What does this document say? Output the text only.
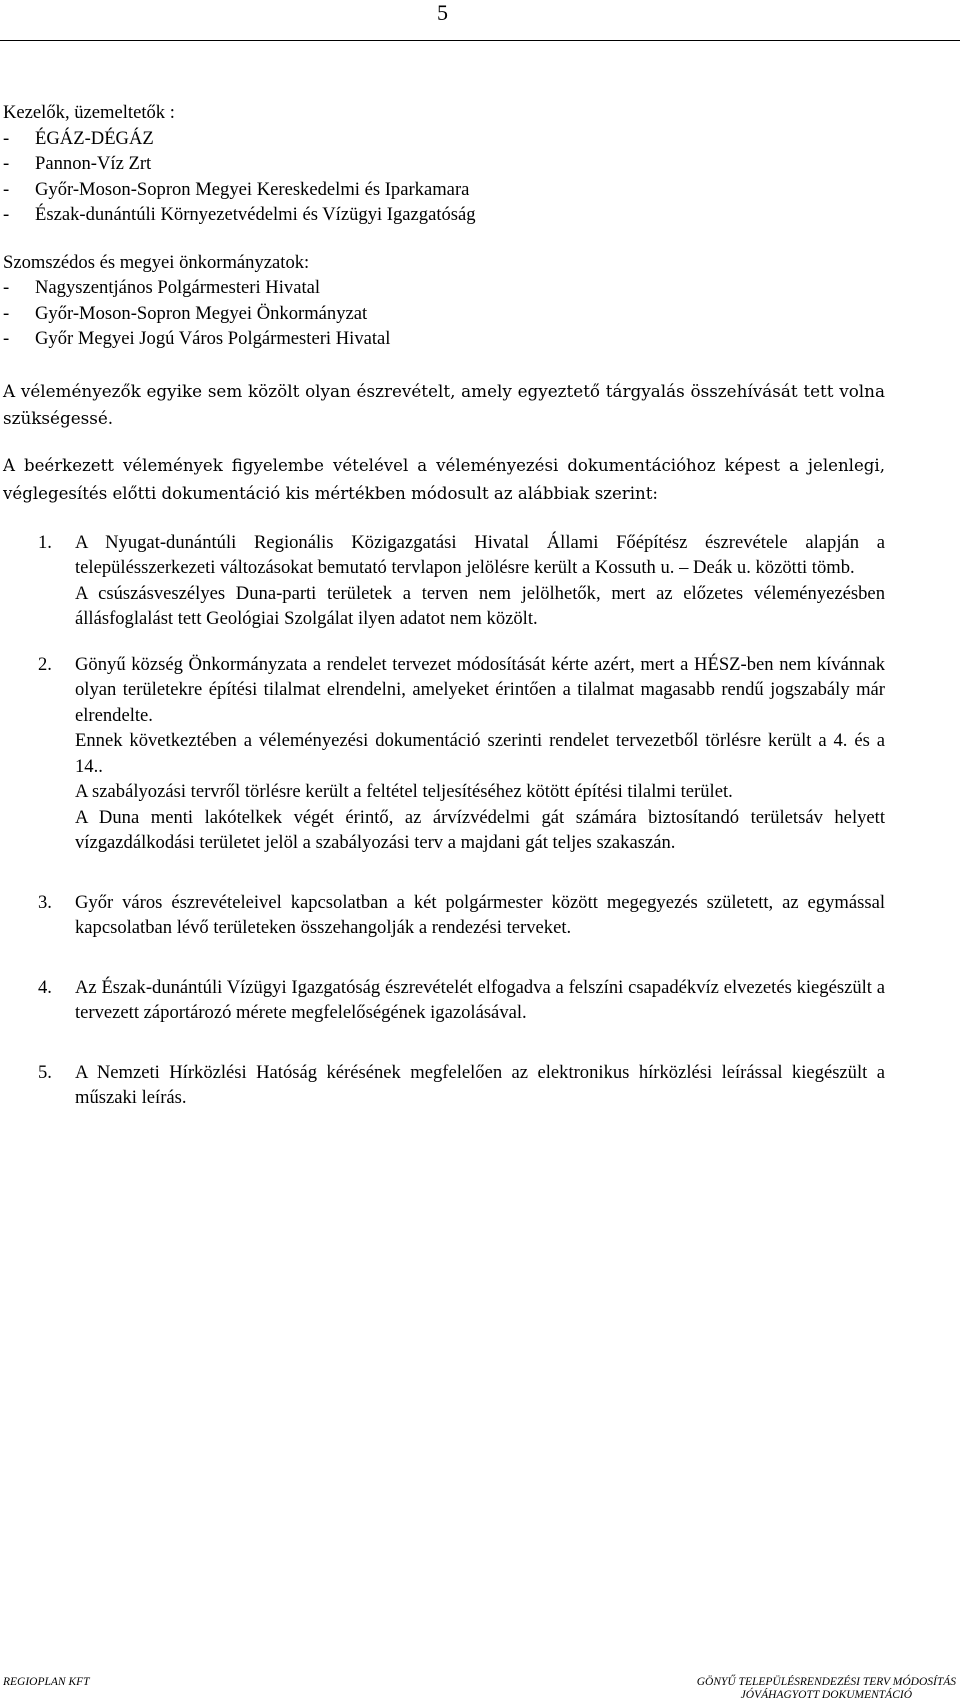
5

Kezelők, üzemeltetők :

- ÉGÁZ-DÉGÁZ

- Pannon-Víz Zrt

- Győr-Moson-Sopron Megyei Kereskedelmi és Iparkamara

- Észak-dunántúli Környezetvédelmi és Vízügyi Igazgatóság

Szomszédos és megyei önkormányzatok:

- Nagyszentjános Polgármesteri Hivatal

- Győr-Moson-Sopron Megyei Önkormányzat

- Győr Megyei Jogú Város Polgármesteri Hivatal

A véleményezők egyike sem közölt olyan észrevételt, amely egyeztető tárgyalás összehívását tett volna szükségessé.

A beérkezett vélemények figyelembe vételével a véleményezési dokumentációhoz képest a jelenlegi, véglegesítés előtti dokumentáció kis mértékben módosult az alábbiak szerint:

1. A Nyugat-dunántúli Regionális Közigazgatási Hivatal Állami Főépítész észrevétele alapján a településszerkezeti változásokat bemutató tervlapon jelölésre került a Kossuth u. – Deák u. közötti tömb.

A csúszásveszélyes Duna-parti területek a terven nem jelölhetők, mert az előzetes véleményezésben állásfoglalást tett Geológiai Szolgálat ilyen adatot nem közölt.

2. Gönyű község Önkormányzata a rendelet tervezet módosítását kérte azért, mert a HÉSZ-ben nem kívánnak olyan területekre építési tilalmat elrendelni, amelyeket érintően a tilalmat magasabb rendű jogszabály már elrendelte.

Ennek következtében a véleményezési dokumentáció szerinti rendelet tervezetből törlésre került a 4. és a 14..

A szabályozási tervről törlésre került a feltétel teljesítéséhez kötött építési tilalmi terület.

A Duna menti lakótelkek végét érintő, az árvízvédelmi gát számára biztosítandó területsáv helyett vízgazdálkodási területet jelöl a szabályozási terv a majdani gát teljes szakaszán.

3. Győr város észrevételeivel kapcsolatban a két polgármester között megegyezés született, az egymással kapcsolatban lévő területeken összehangolják a rendezési terveket.

4. Az Észak-dunántúli Vízügyi Igazgatóság észrevételét elfogadva a felszíni csapadékvíz elvezetés kiegészült a tervezett záportározó mérete megfelelőségének igazolásával.

5. A Nemzeti Hírközlési Hatóság kérésének megfelelően az elektronikus hírközlési leírással kiegészült a műszaki leírás.

REGIOPLAN KFT	GÖNYŰ TELEPÜLÉSRENDEZÉSI TERV MÓDOSÍTÁS
JÓVÁHAGYOTT DOKUMENTÁCIÓ
